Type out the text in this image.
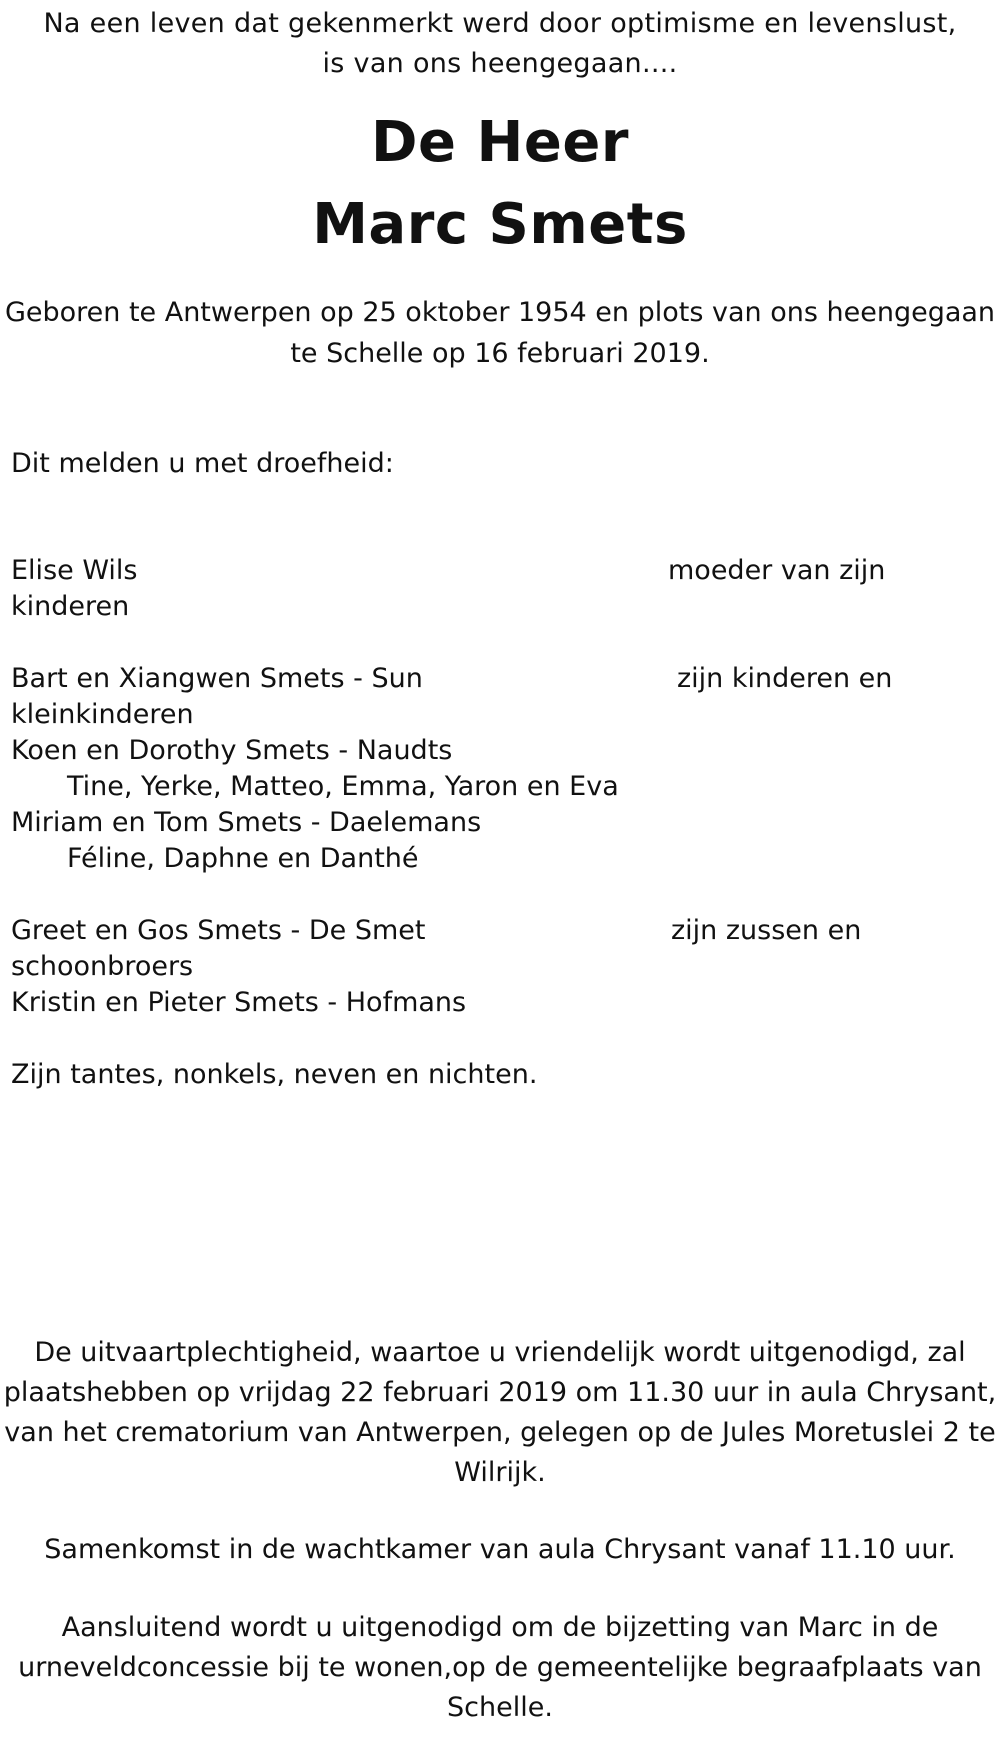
Na een leven dat gekenmerkt werd door optimisme en levenslust,
is van ons heengegaan....
De Heer
Marc Smets
Geboren te Antwerpen op 25 oktober 1954 en plots van ons heengegaan
te Schelle op 16 februari 2019.
Dit melden u met droefheid:
Elise Wils	moeder van zijn
kinderen
Bart en Xiangwen Smets - Sun	zijn kinderen en
kleinkinderen
Koen en Dorothy Smets - Naudts
Tine, Yerke, Matteo, Emma, Yaron en Eva
Miriam en Tom Smets - Daelemans
Féline, Daphne en Danthé
Greet en Gos Smets - De Smet	zijn zussen en
schoonbroers
Kristin en Pieter Smets - Hofmans
Zijn tantes, nonkels, neven en nichten.
De uitvaartplechtigheid, waartoe u vriendelijk wordt uitgenodigd, zal
plaatshebben op vrijdag 22 februari 2019 om 11.30 uur in aula Chrysant,
van het crematorium van Antwerpen, gelegen op de Jules Moretuslei 2 te
Wilrijk.
Samenkomst in de wachtkamer van aula Chrysant vanaf 11.10 uur.
Aansluitend wordt u uitgenodigd om de bijzetting van Marc in de
urneveldconcessie bij te wonen,op de gemeentelijke begraafplaats van
Schelle.
